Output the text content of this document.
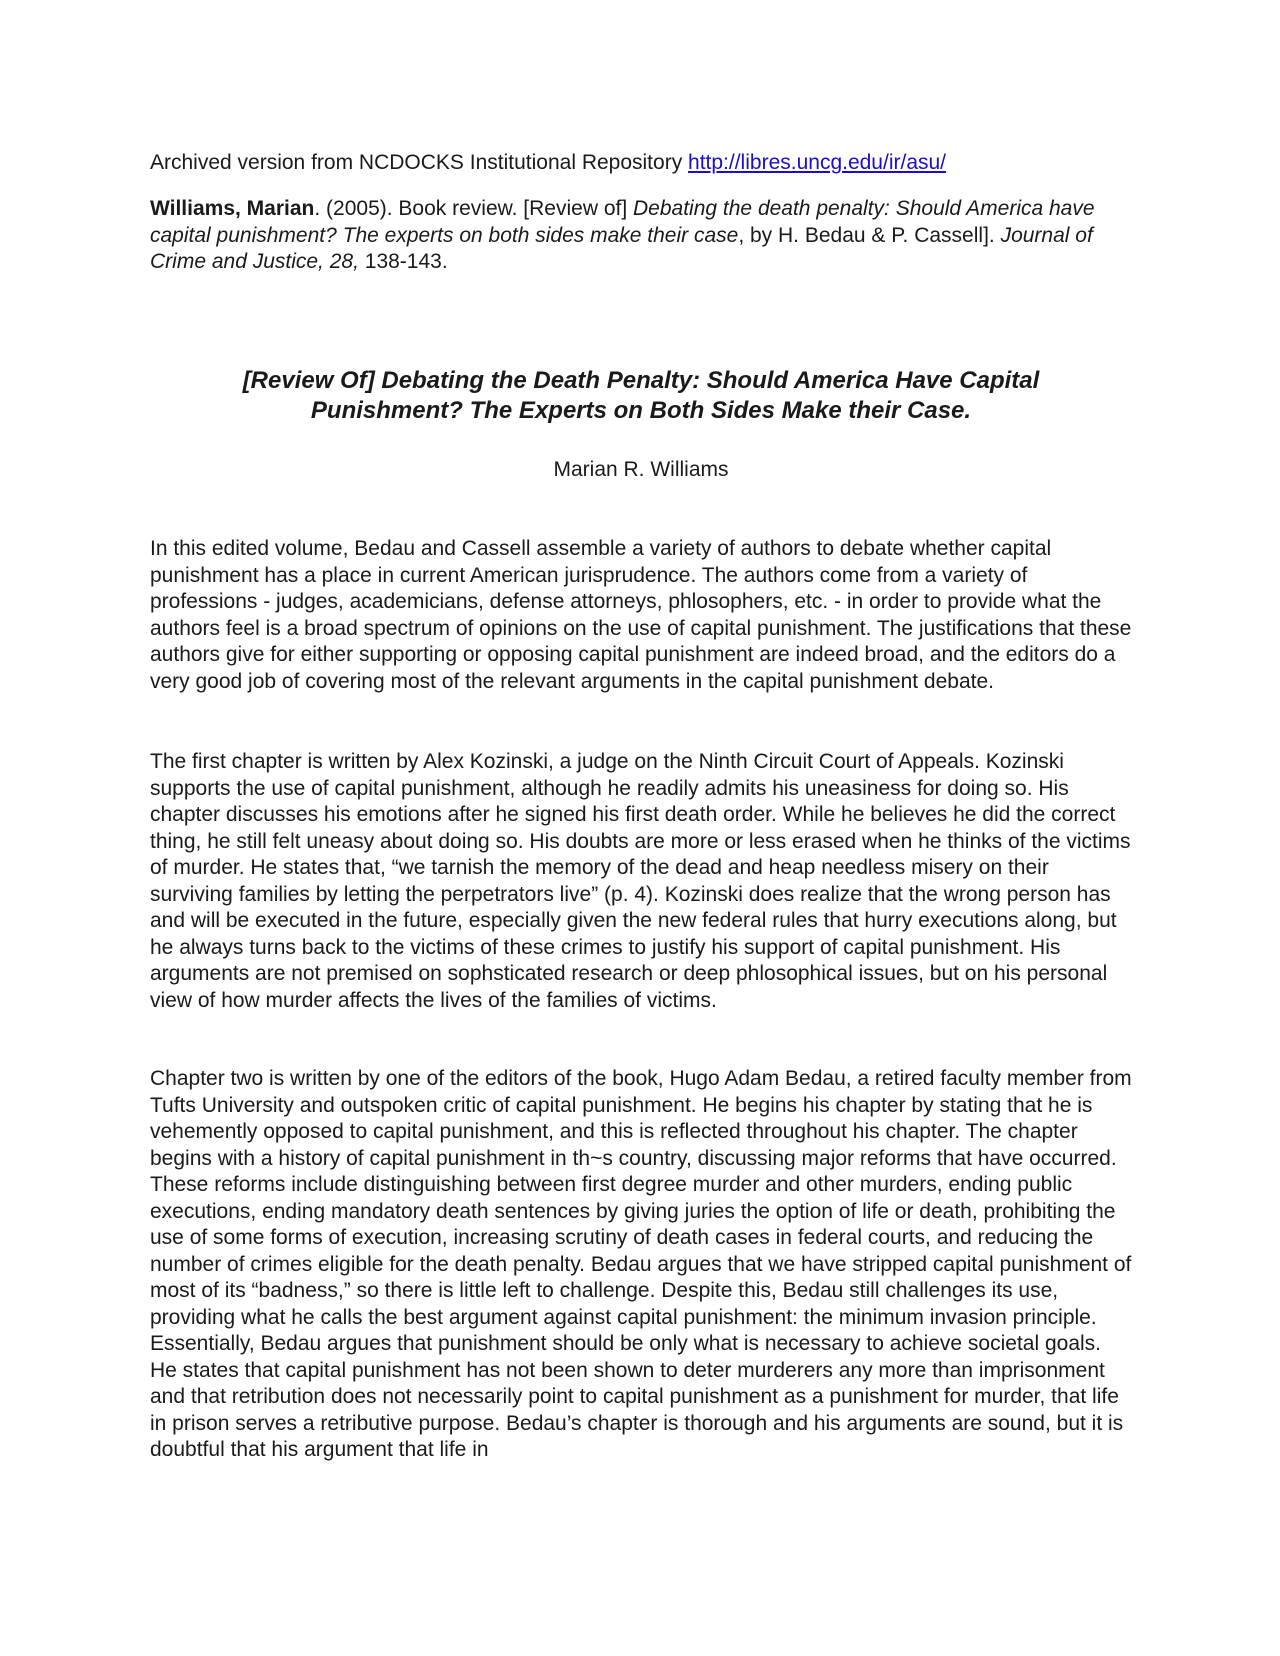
Archived version from NCDOCKS Institutional Repository http://libres.uncg.edu/ir/asu/
Williams, Marian. (2005). Book review. [Review of] Debating the death penalty: Should America have capital punishment? The experts on both sides make their case, by H. Bedau & P. Cassell]. Journal of Crime and Justice, 28, 138-143.
[Review Of] Debating the Death Penalty: Should America Have Capital
Punishment? The Experts on Both Sides Make their Case.
Marian R. Williams

In this edited volume, Bedau and Cassell assemble a variety of authors to debate whether capital punishment has a place in current American jurisprudence. The authors come from a variety of professions - judges, academicians, defense attorneys, phlosophers, etc. - in order to provide what the authors feel is a broad spectrum of opinions on the use of capital punishment. The justifications that these authors give for either supporting or opposing capital punishment are indeed broad, and the editors do a very good job of covering most of the relevant arguments in the capital punishment debate.

The first chapter is written by Alex Kozinski, a judge on the Ninth Circuit Court of Appeals. Kozinski supports the use of capital punishment, although he readily admits his uneasiness for doing so. His chapter discusses his emotions after he signed his first death order. While he believes he did the correct thing, he still felt uneasy about doing so. His doubts are more or less erased when he thinks of the victims of murder. He states that, “we tarnish the memory of the dead and heap needless misery on their surviving families by letting the perpetrators live” (p. 4). Kozinski does realize that the wrong person has and will be executed in the future, especially given the new federal rules that hurry executions along, but he always turns back to the victims of these crimes to justify his support of capital punishment. His arguments are not premised on sophsticated research or deep phlosophical issues, but on his personal view of how murder affects the lives of the families of victims.

Chapter two is written by one of the editors of the book, Hugo Adam Bedau, a retired faculty member from Tufts University and outspoken critic of capital punishment. He begins his chapter by stating that he is vehemently opposed to capital punishment, and this is reflected throughout his chapter. The chapter begins with a history of capital punishment in th~s country, discussing major reforms that have occurred. These reforms include distinguishing between first degree murder and other murders, ending public executions, ending mandatory death sentences by giving juries the option of life or death, prohibiting the use of some forms of execution, increasing scrutiny of death cases in federal courts, and reducing the number of crimes eligible for the death penalty. Bedau argues that we have stripped capital punishment of most of its “badness,” so there is little left to challenge. Despite this, Bedau still challenges its use, providing what he calls the best argument against capital punishment: the minimum invasion principle. Essentially, Bedau argues that punishment should be only what is necessary to achieve societal goals. He states that capital punishment has not been shown to deter murderers any more than imprisonment and that retribution does not necessarily point to capital punishment as a punishment for murder, that life in prison serves a retributive purpose. Bedau’s chapter is thorough and his arguments are sound, but it is doubtful that his argument that life in
